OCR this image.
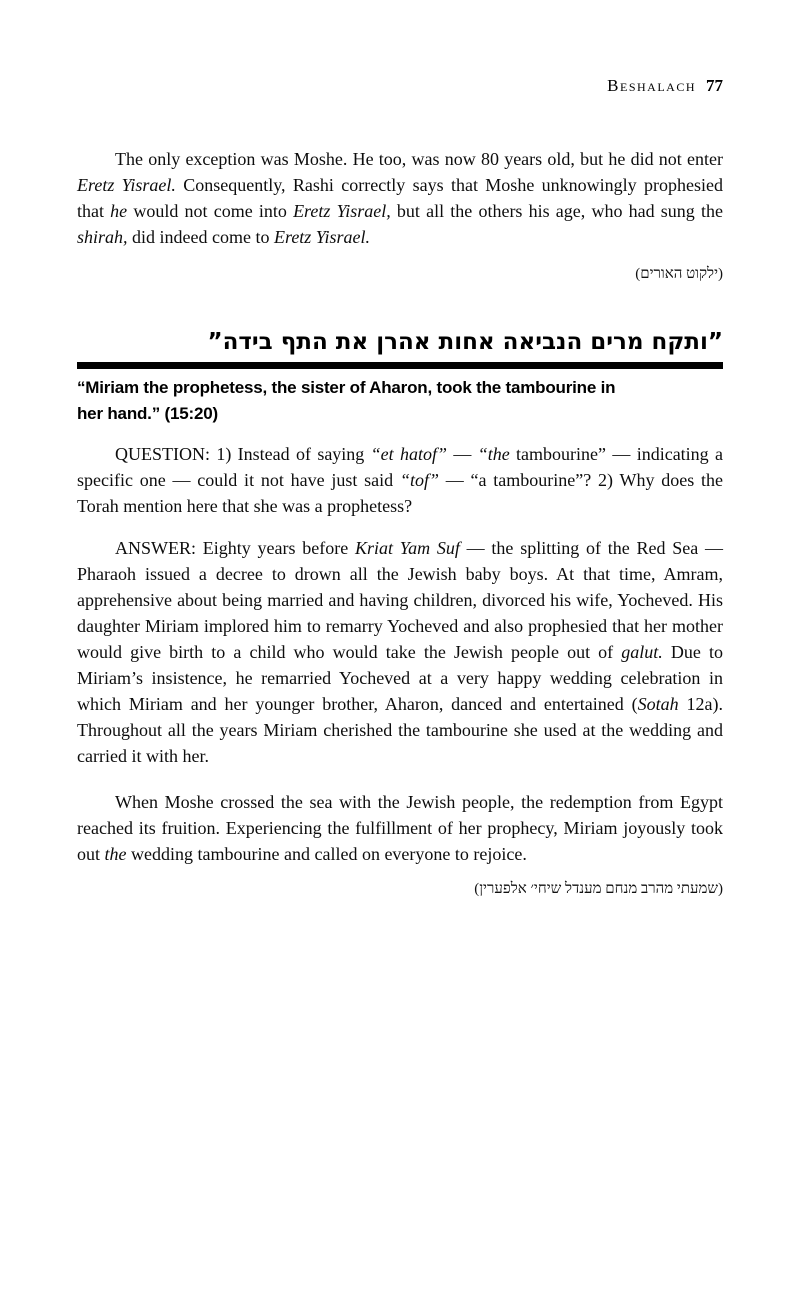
Beshalach 77

The only exception was Moshe. He too, was now 80 years old, but he did not enter Eretz Yisrael. Consequently, Rashi correctly says that Moshe unknowingly prophesied that he would not come into Eretz Yisrael, but all the others his age, who had sung the shirah, did indeed come to Eretz Yisrael.

(ילקוט האורים)
”ותקח מרים הנביאה אחות אהרן את התף בידה”
“Miriam the prophetess, the sister of Aharon, took the tambourine in her hand.” (15:20)

QUESTION: 1) Instead of saying “et hatof” — “the tambourine” — indicating a specific one — could it not have just said “tof” — “a tambourine”? 2) Why does the Torah mention here that she was a prophetess?

ANSWER: Eighty years before Kriat Yam Suf — the splitting of the Red Sea — Pharaoh issued a decree to drown all the Jewish baby boys. At that time, Amram, apprehensive about being married and having children, divorced his wife, Yocheved. His daughter Miriam implored him to remarry Yocheved and also prophesied that her mother would give birth to a child who would take the Jewish people out of galut. Due to Miriam’s insistence, he remarried Yocheved at a very happy wedding celebration in which Miriam and her younger brother, Aharon, danced and entertained (Sotah 12a). Throughout all the years Miriam cherished the tambourine she used at the wedding and carried it with her.

When Moshe crossed the sea with the Jewish people, the redemption from Egypt reached its fruition. Experiencing the fulfillment of her prophecy, Miriam joyously took out the wedding tambourine and called on everyone to rejoice.

(שמעתי מהרב מנחם מענדל שיחי׳ אלפערין)
